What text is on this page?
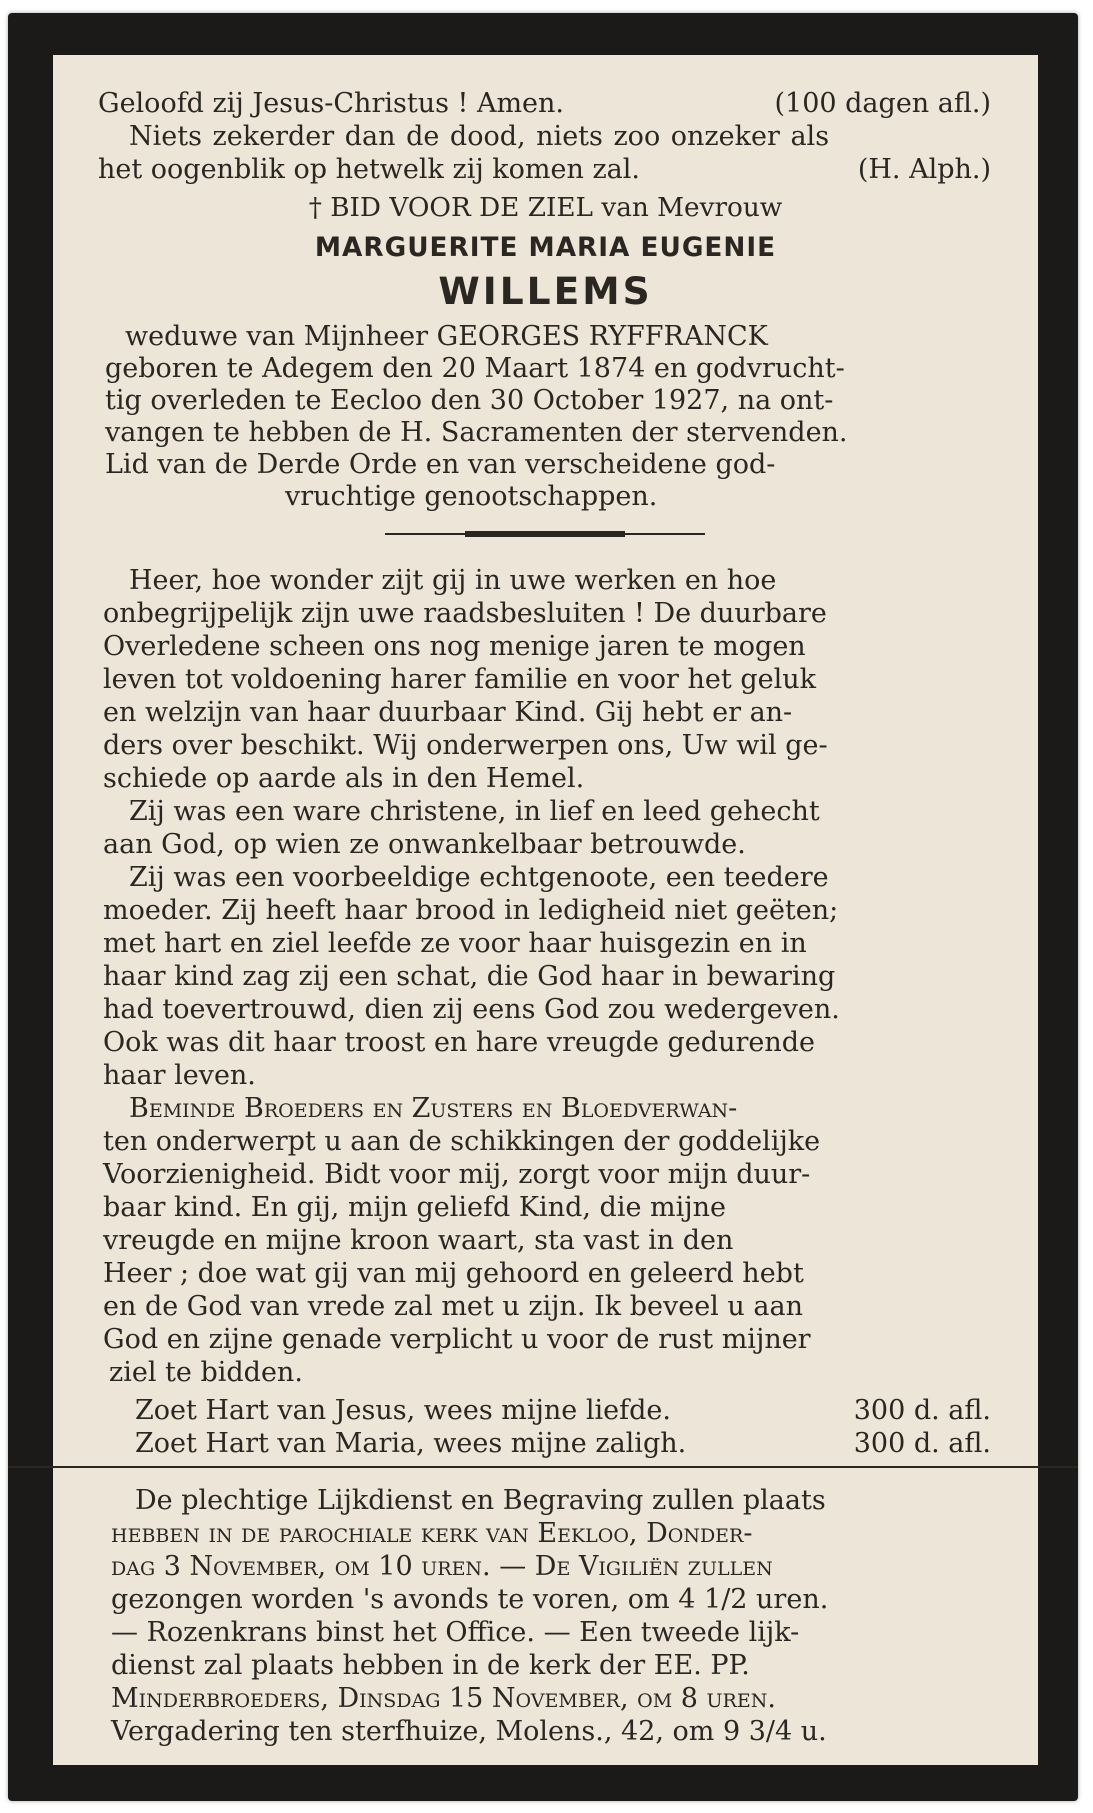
Geloofd zij Jesus-Christus ! Amen.	(100 dagen afl.)
Niets zekerder dan de dood, niets zoo onzeker als
het oogenblik op hetwelk zij komen zal.	(H. Alph.)
† BID VOOR DE ZIEL van Mevrouw
MARGUERITE MARIA EUGENIE
WILLEMS
weduwe van Mijnheer GEORGES RYFFRANCK
geboren te Adegem den 20 Maart 1874 en godvrucht-
tig overleden te Eecloo den 30 October 1927, na ont-
vangen te hebben de H. Sacramenten der stervenden.
Lid van de Derde Orde en van verscheidene god-
vruchtige genootschappen.
Heer, hoe wonder zijt gij in uwe werken en hoe
onbegrijpelijk zijn uwe raadsbesluiten ! De duurbare
Overledene scheen ons nog menige jaren te mogen
leven tot voldoening harer familie en voor het geluk
en welzijn van haar duurbaar Kind. Gij hebt er an-
ders over beschikt. Wij onderwerpen ons, Uw wil ge-
schiede op aarde als in den Hemel.
Zij was een ware christene, in lief en leed gehecht
aan God, op wien ze onwankelbaar betrouwde.
Zij was een voorbeeldige echtgenoote, een teedere
moeder. Zij heeft haar brood in ledigheid niet geëten;
met hart en ziel leefde ze voor haar huisgezin en in
haar kind zag zij een schat, die God haar in bewaring
had toevertrouwd, dien zij eens God zou wedergeven.
Ook was dit haar troost en hare vreugde gedurende
haar leven.
Beminde Broeders en Zusters en Bloedverwan-
ten onderwerpt u aan de schikkingen der goddelijke
Voorzienigheid. Bidt voor mij, zorgt voor mijn duur-
baar kind. En gij, mijn geliefd Kind, die mijne
vreugde en mijne kroon waart, sta vast in den
Heer ; doe wat gij van mij gehoord en geleerd hebt
en de God van vrede zal met u zijn. Ik beveel u aan
God en zijne genade verplicht u voor de rust mijner
ziel te bidden.
Zoet Hart van Jesus, wees mijne liefde.	300 d. afl.
Zoet Hart van Maria, wees mijne zaligh.	300 d. afl.
De plechtige Lijkdienst en Begraving zullen plaats
hebben in de parochiale kerk van Eekloo, Donder-
dag 3 November, om 10 uren. — De Vigiliën zullen
gezongen worden 's avonds te voren, om 4 1/2 uren.
— Rozenkrans binst het Office. — Een tweede lijk-
dienst zal plaats hebben in de kerk der EE. PP.
Minderbroeders, Dinsdag 15 November, om 8 uren.
Vergadering ten sterfhuize, Molens., 42, om 9 3/4 u.
